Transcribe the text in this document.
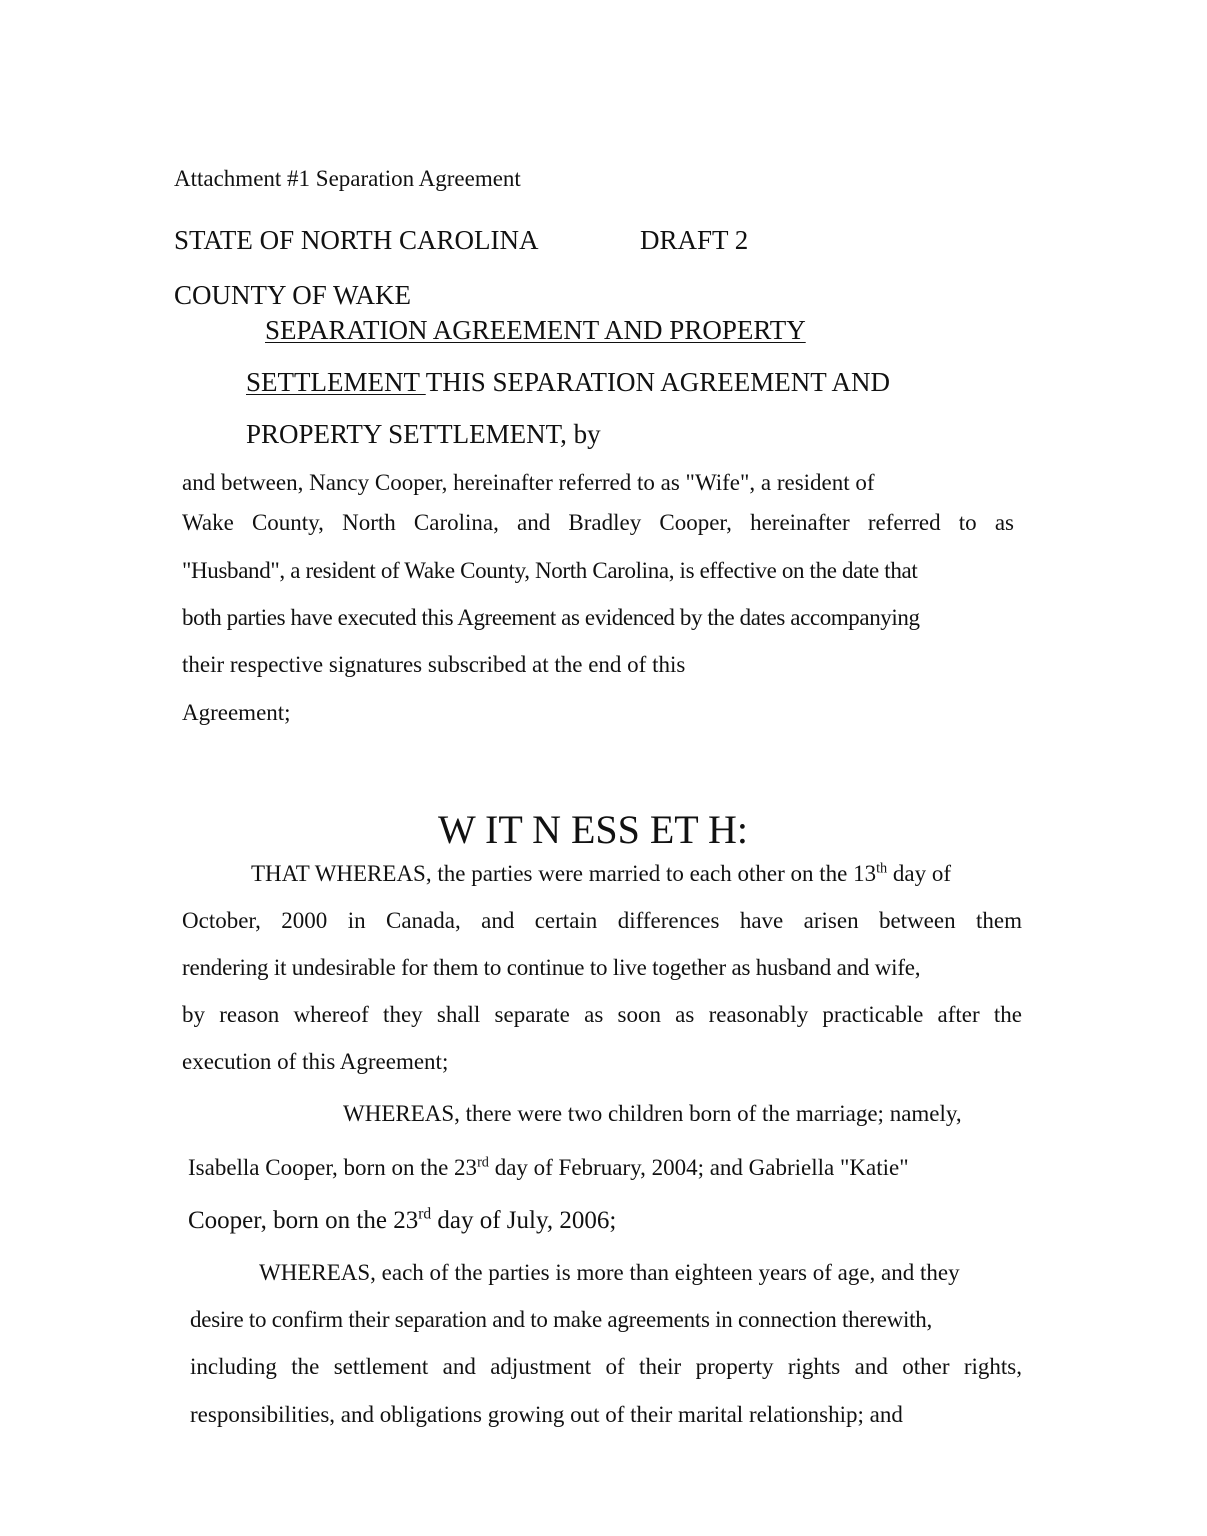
Attachment #1 Separation Agreement

STATE OF NORTH CAROLINA	DRAFT 2

COUNTY OF WAKE

SEPARATION AGREEMENT AND PROPERTY

SETTLEMENT THIS SEPARATION AGREEMENT AND

PROPERTY SETTLEMENT, by

and between, Nancy Cooper, hereinafter referred to as "Wife", a resident of

Wake County, North Carolina, and Bradley Cooper, hereinafter referred to as

"Husband", a resident of Wake County, North Carolina, is effective on the date that

both parties have executed this Agreement as evidenced by the dates accompanying

their respective signatures subscribed at the end of this

Agreement;

W IT N ESS ET H:

THAT WHEREAS, the parties were married to each other on the 13th day of

October, 2000 in Canada, and certain differences have arisen between them

rendering it undesirable for them to continue to live together as husband and wife,

by reason whereof they shall separate as soon as reasonably practicable after the

execution of this Agreement;

WHEREAS, there were two children born of the marriage; namely,

Isabella Cooper, born on the 23rd day of February, 2004; and Gabriella "Katie"

Cooper, born on the 23rd day of July, 2006;

WHEREAS, each of the parties is more than eighteen years of age, and they

desire to confirm their separation and to make agreements in connection therewith,

including the settlement and adjustment of their property rights and other rights,

responsibilities, and obligations growing out of their marital relationship; and
